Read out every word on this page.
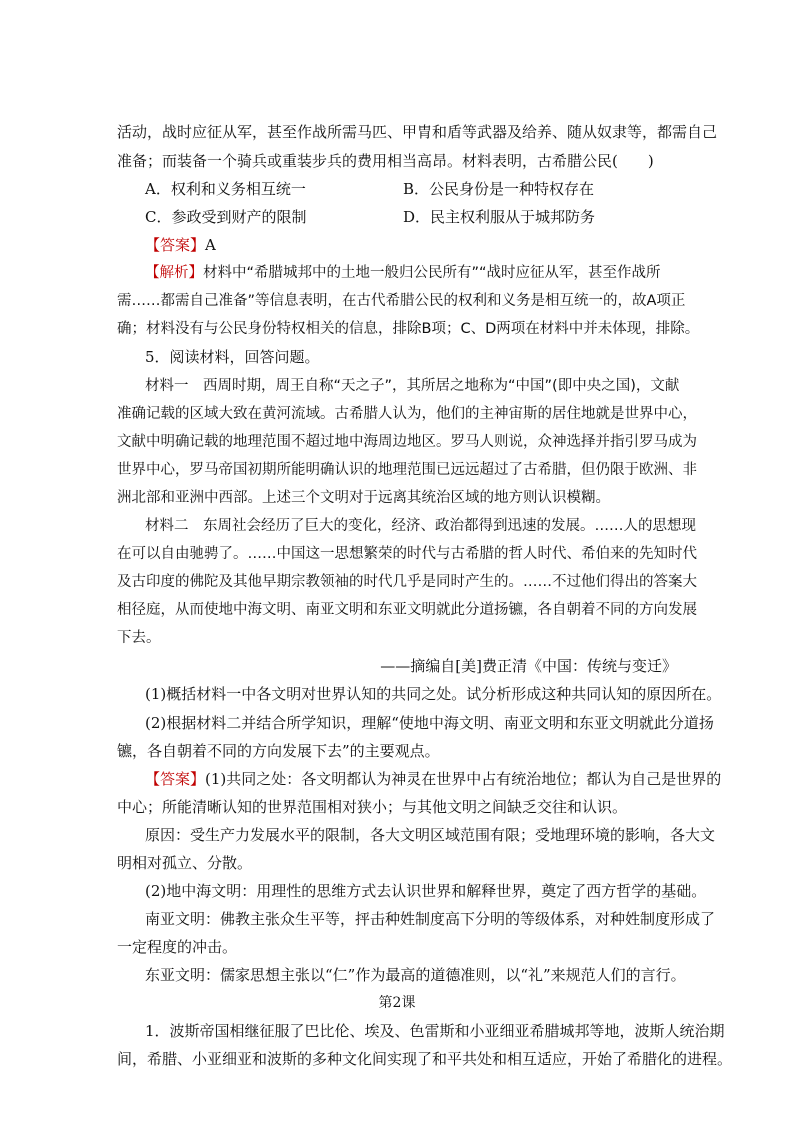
活动，战时应征从军，甚至作战所需马匹、甲胄和盾等武器及给养、随从奴隶等，都需自己
准备；而装备一个骑兵或重装步兵的费用相当高昂。材料表明，古希腊公民(　　)
A．权利和义务相互统一	B．公民身份是一种特权存在
C．参政受到财产的限制	D．民主权利服从于城邦防务
【答案】A
【解析】材料中“希腊城邦中的土地一般归公民所有”“战时应征从军，甚至作战所
需……都需自己准备”等信息表明，在古代希腊公民的权利和义务是相互统一的，故A项正
确；材料没有与公民身份特权相关的信息，排除B项；C、D两项在材料中并未体现，排除。
5．阅读材料，回答问题。
材料一　西周时期，周王自称“天之子”，其所居之地称为“中国”(即中央之国)，文献
准确记载的区域大致在黄河流域。古希腊人认为，他们的主神宙斯的居住地就是世界中心，
文献中明确记载的地理范围不超过地中海周边地区。罗马人则说，众神选择并指引罗马成为
世界中心，罗马帝国初期所能明确认识的地理范围已远远超过了古希腊，但仍限于欧洲、非
洲北部和亚洲中西部。上述三个文明对于远离其统治区域的地方则认识模糊。
材料二　东周社会经历了巨大的变化，经济、政治都得到迅速的发展。……人的思想现
在可以自由驰骋了。……中国这一思想繁荣的时代与古希腊的哲人时代、希伯来的先知时代
及古印度的佛陀及其他早期宗教领袖的时代几乎是同时产生的。……不过他们得出的答案大
相径庭，从而使地中海文明、南亚文明和东亚文明就此分道扬镳，各自朝着不同的方向发展
下去。
——摘编自[美]费正清《中国：传统与变迁》
(1)概括材料一中各文明对世界认知的共同之处。试分析形成这种共同认知的原因所在。
(2)根据材料二并结合所学知识，理解“使地中海文明、南亚文明和东亚文明就此分道扬
镳，各自朝着不同的方向发展下去”的主要观点。
【答案】(1)共同之处：各文明都认为神灵在世界中占有统治地位；都认为自己是世界的
中心；所能清晰认知的世界范围相对狭小；与其他文明之间缺乏交往和认识。
原因：受生产力发展水平的限制，各大文明区域范围有限；受地理环境的影响，各大文
明相对孤立、分散。
(2)地中海文明：用理性的思维方式去认识世界和解释世界，奠定了西方哲学的基础。
南亚文明：佛教主张众生平等，抨击种姓制度高下分明的等级体系，对种姓制度形成了
一定程度的冲击。
东亚文明：儒家思想主张以“仁”作为最高的道德准则，以“礼”来规范人们的言行。
第2课
1．波斯帝国相继征服了巴比伦、埃及、色雷斯和小亚细亚希腊城邦等地，波斯人统治期
间，希腊、小亚细亚和波斯的多种文化间实现了和平共处和相互适应，开始了希腊化的进程。
